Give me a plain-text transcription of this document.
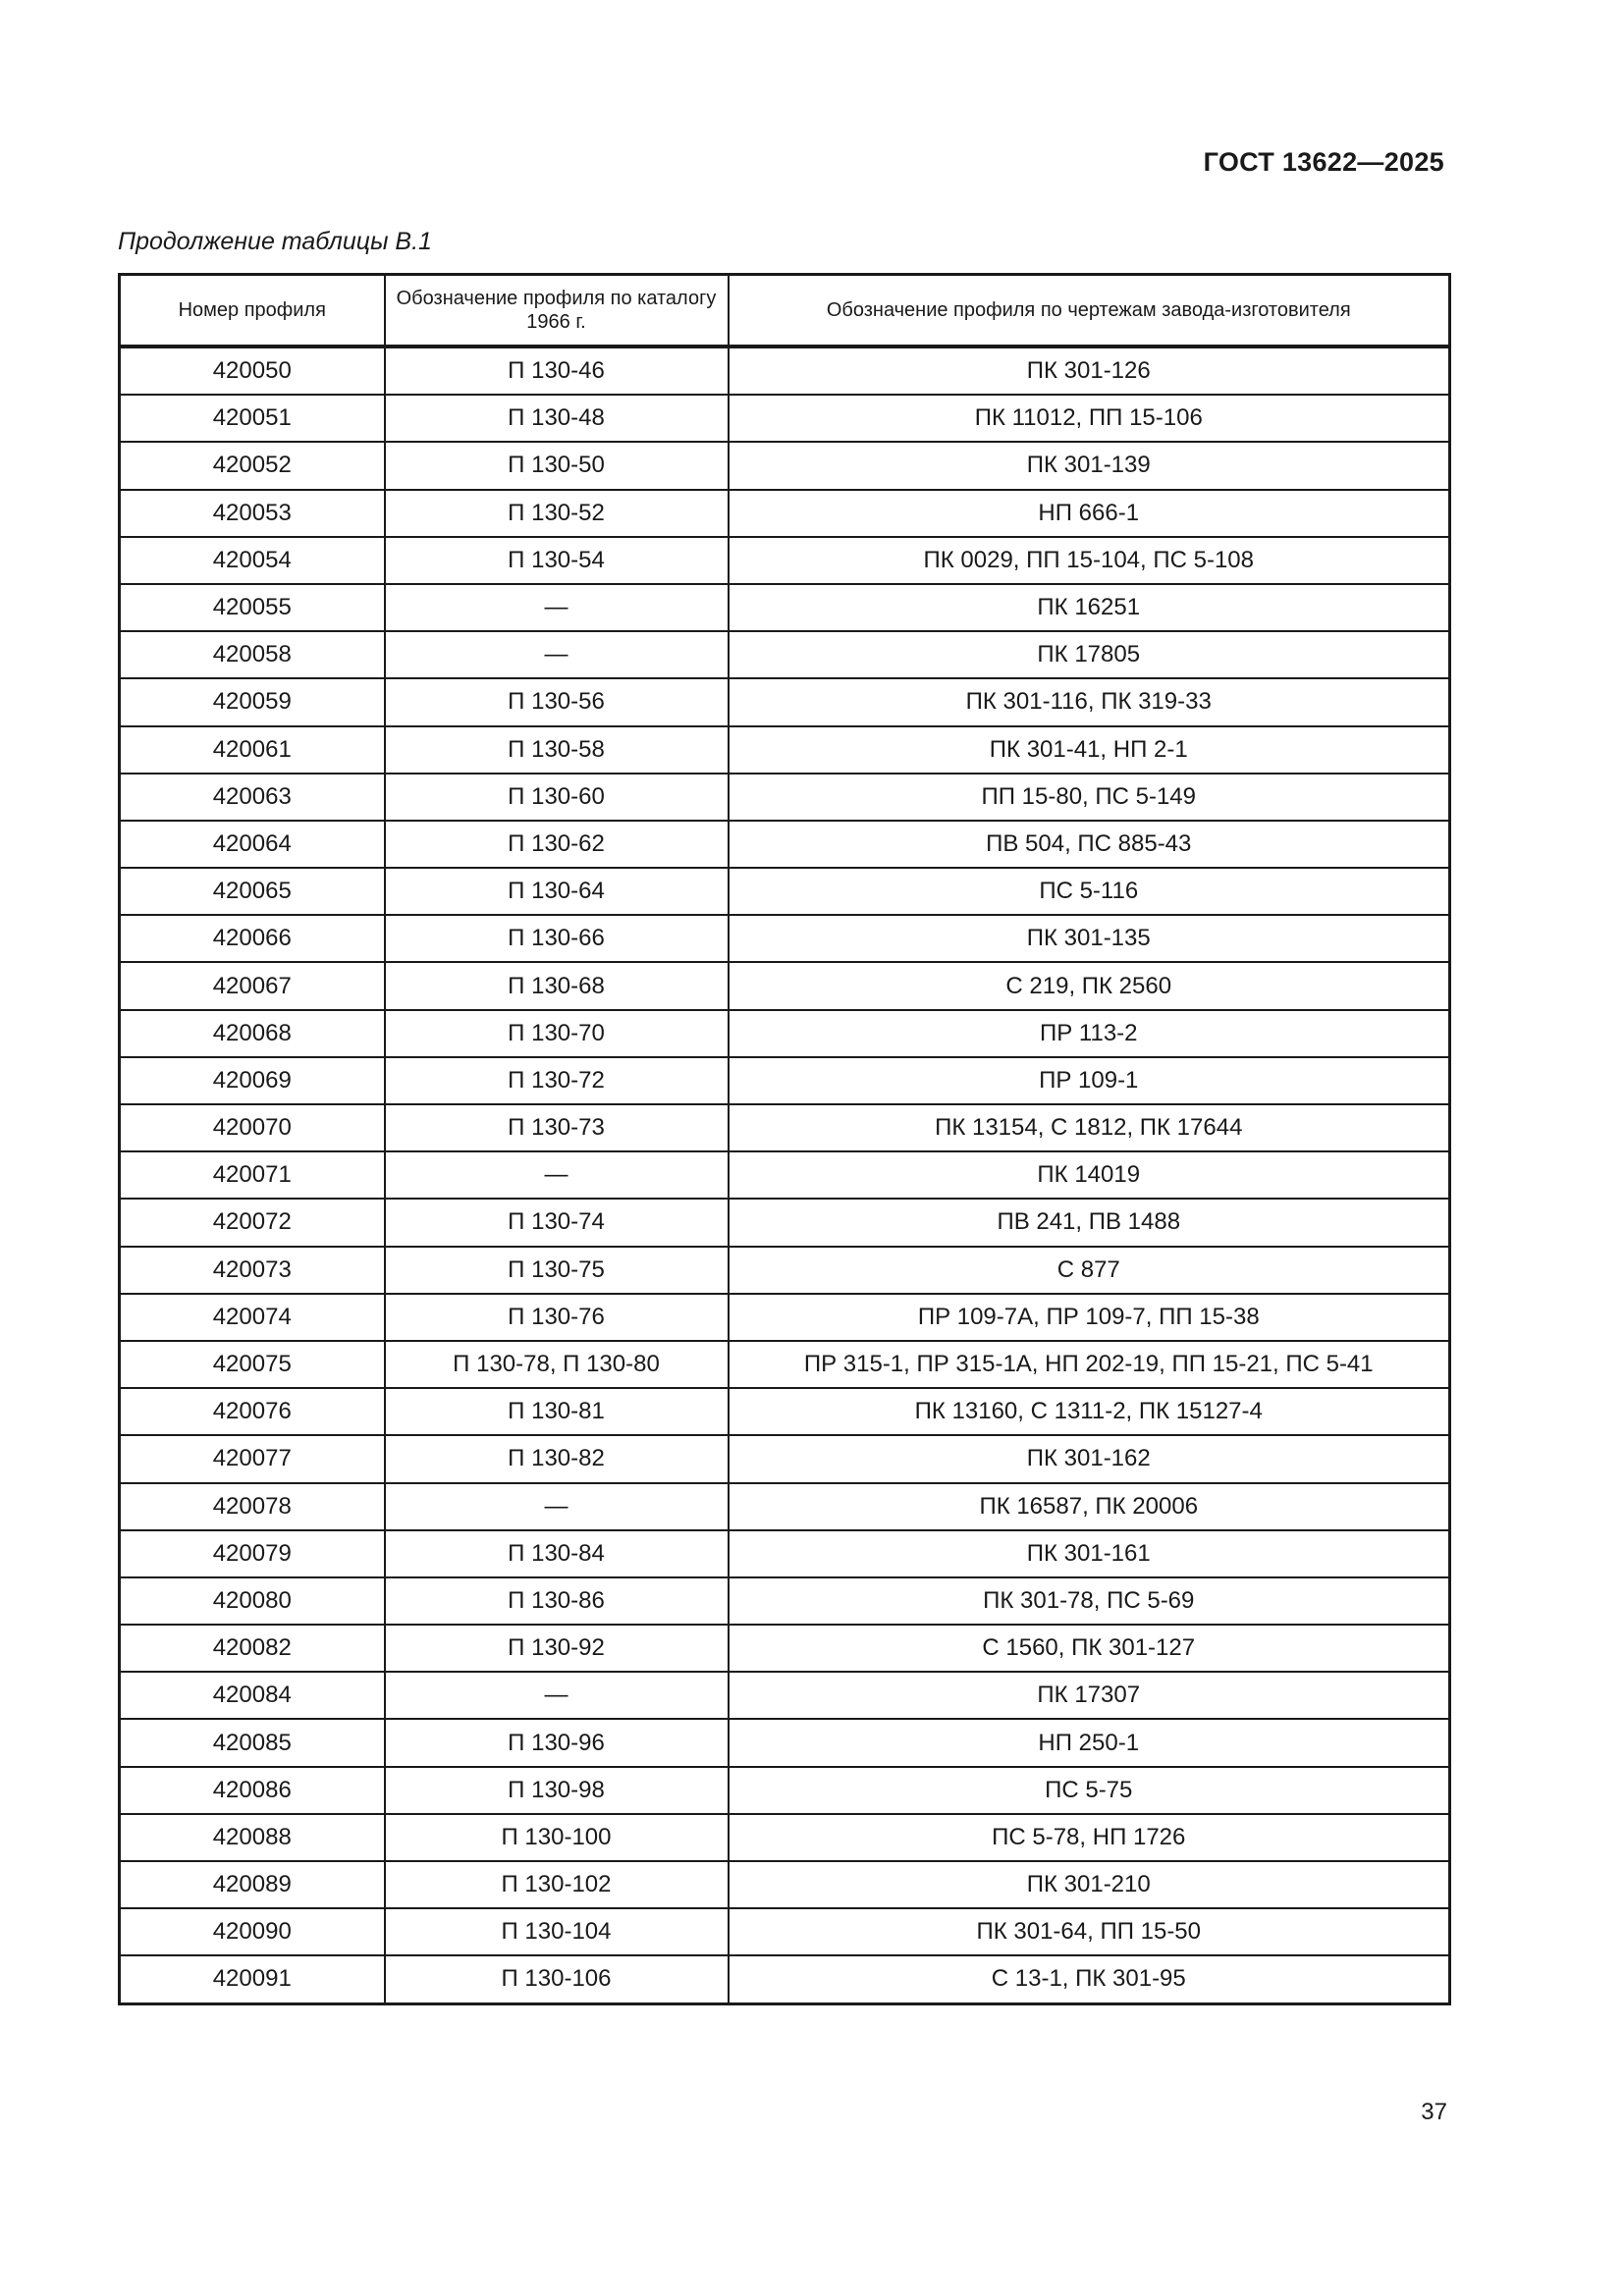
ГОСТ 13622—2025
Продолжение таблицы В.1
Номер профиля	Обозначение профиля по каталогу 1966 г.	Обозначение профиля по чертежам завода-изготовителя
420050	П 130-46	ПК 301-126
420051	П 130-48	ПК 11012, ПП 15-106
420052	П 130-50	ПК 301-139
420053	П 130-52	НП 666-1
420054	П 130-54	ПК 0029, ПП 15-104, ПС 5-108
420055	—	ПК 16251
420058	—	ПК 17805
420059	П 130-56	ПК 301-116, ПК 319-33
420061	П 130-58	ПК 301-41, НП 2-1
420063	П 130-60	ПП 15-80, ПС 5-149
420064	П 130-62	ПВ 504, ПС 885-43
420065	П 130-64	ПС 5-116
420066	П 130-66	ПК 301-135
420067	П 130-68	С 219, ПК 2560
420068	П 130-70	ПР 113-2
420069	П 130-72	ПР 109-1
420070	П 130-73	ПК 13154, С 1812, ПК 17644
420071	—	ПК 14019
420072	П 130-74	ПВ 241, ПВ 1488
420073	П 130-75	С 877
420074	П 130-76	ПР 109-7А, ПР 109-7, ПП 15-38
420075	П 130-78, П 130-80	ПР 315-1, ПР 315-1А, НП 202-19, ПП 15-21, ПС 5-41
420076	П 130-81	ПК 13160, С 1311-2, ПК 15127-4
420077	П 130-82	ПК 301-162
420078	—	ПК 16587, ПК 20006
420079	П 130-84	ПК 301-161
420080	П 130-86	ПК 301-78, ПС 5-69
420082	П 130-92	С 1560, ПК 301-127
420084	—	ПК 17307
420085	П 130-96	НП 250-1
420086	П 130-98	ПС 5-75
420088	П 130-100	ПС 5-78, НП 1726
420089	П 130-102	ПК 301-210
420090	П 130-104	ПК 301-64, ПП 15-50
420091	П 130-106	С 13-1, ПК 301-95
37
